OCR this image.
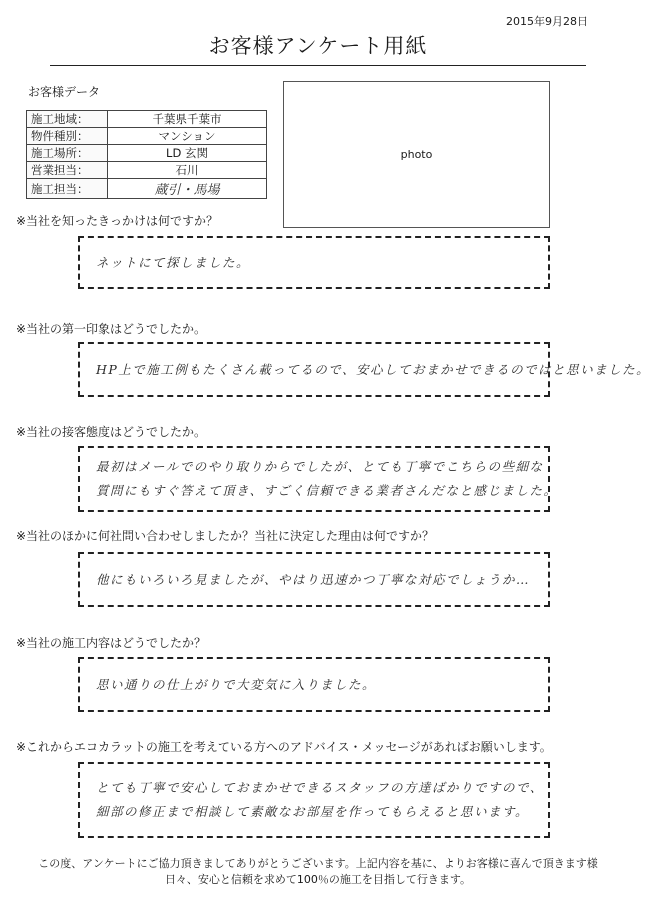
2015年9月28日
お客様アンケート用紙
お客様データ
施工地域：	千葉県千葉市
物件種別：	マンション
施工場所：	LD 玄関
営業担当：	石川
施工担当：	蔵引・馬場
photo
※当社を知ったきっかけは何ですか？
ネットにて探しました。
※当社の第一印象はどうでしたか。
HP上で施工例もたくさん載ってるので、安心しておまかせできるのではと思いました。
※当社の接客態度はどうでしたか。
最初はメールでのやり取りからでしたが、とても丁寧でこちらの些細な
質問にもすぐ答えて頂き、すごく信頼できる業者さんだなと感じました。
※当社のほかに何社問い合わせしましたか？当社に決定した理由は何ですか？
他にもいろいろ見ましたが、やはり迅速かつ丁寧な対応でしょうか…
※当社の施工内容はどうでしたか？
思い通りの仕上がりで大変気に入りました。
※これからエコカラットの施工を考えている方へのアドバイス・メッセージがあればお願いします。
とても丁寧で安心しておまかせできるスタッフの方達ばかりですので、
細部の修正まで相談して素敵なお部屋を作ってもらえると思います。
この度、アンケートにご協力頂きましてありがとうございます。上記内容を基に、よりお客様に喜んで頂きます様
日々、安心と信頼を求めて100％の施工を目指して行きます。
